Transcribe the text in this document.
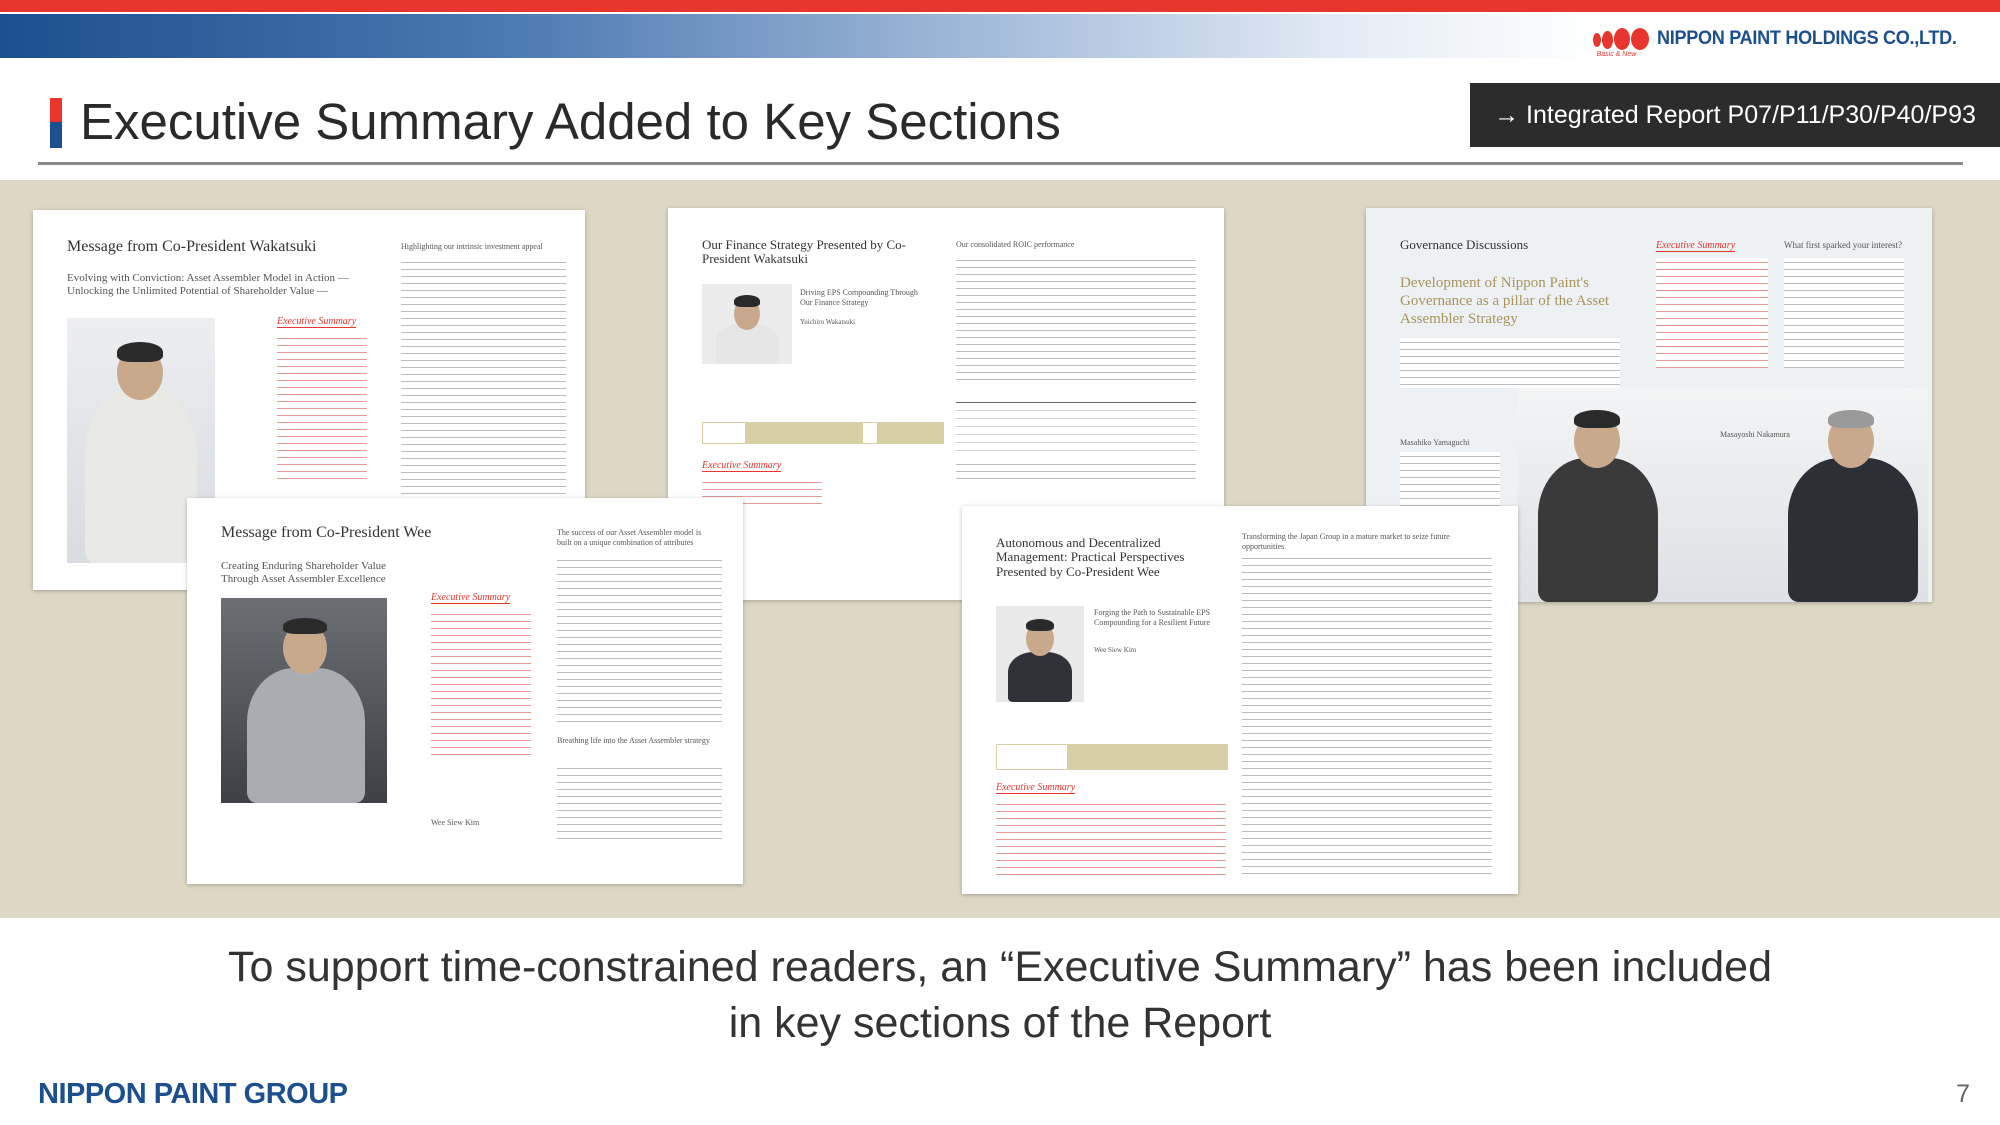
Basic & New
NIPPON PAINT HOLDINGS CO.,LTD.
Executive Summary Added to Key Sections	→ Integrated Report P07/P11/P30/P40/P93
Message from Co-President Wakatsuki
Evolving with Conviction: Asset Assembler Model in Action — Unlocking the Unlimited Potential of Shareholder Value —
Executive Summary
Highlighting our intrinsic investment appeal	Our Finance Strategy Presented by Co-President Wakatsuki
Driving EPS Compounding Through Our Finance Strategy
Yuichiro Wakatsuki
Executive Summary
Our consolidated ROIC performance	Governance Discussions
Development of Nippon Paint's Governance as a pillar of the Asset Assembler Strategy
Executive Summary	What first sparked your interest?
Masahiko Yamaguchi
Masayoshi Nakamura
Message from Co-President Wee
Creating Enduring Shareholder Value Through Asset Assembler Excellence
Executive Summary
Wee Siew Kim
The success of our Asset Assembler model is built on a unique combination of attributes
Breathing life into the Asset Assembler strategy
Autonomous and Decentralized Management: Practical Perspectives Presented by Co-President Wee
Forging the Path to Sustainable EPS Compounding for a Resilient Future
Wee Siew Kim
Executive Summary
Transforming the Japan Group in a mature market to seize future opportunities

To support time-constrained readers, an “Executive Summary” has been included
in key sections of the Report

NIPPON PAINT GROUP	7
